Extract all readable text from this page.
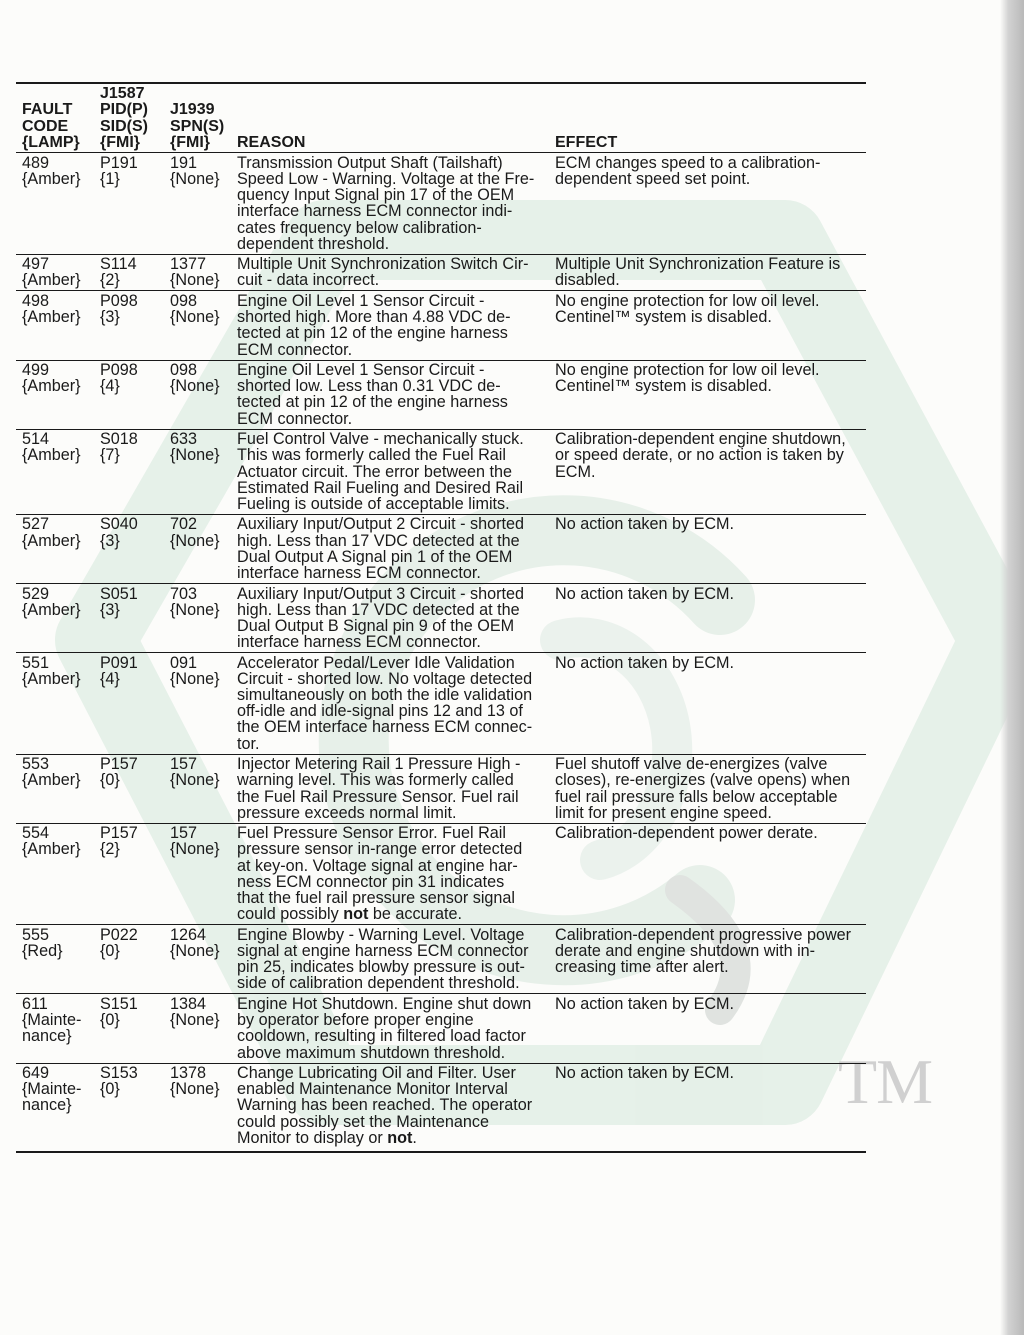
TM
FAULT
CODE
{LAMP}
J1587
PID(P)
SID(S)
{FMI}
J1939
SPN(S)
{FMI}	REASON	EFFECT
489
{Amber}
P191
{1}
191
{None}
Transmission Output Shaft (Tailshaft)
Speed Low - Warning. Voltage at the Fre-
quency Input Signal pin 17 of the OEM
interface harness ECM connector indi-
cates frequency below calibration-
dependent threshold.
ECM changes speed to a calibration-
dependent speed set point.
497
{Amber}
S114
{2}
1377
{None}
Multiple Unit Synchronization Switch Cir-
cuit - data incorrect.
Multiple Unit Synchronization Feature is
disabled.
498
{Amber}
P098
{3}
098
{None}
Engine Oil Level 1 Sensor Circuit -
shorted high. More than 4.88 VDC de-
tected at pin 12 of the engine harness
ECM connector.
No engine protection for low oil level.
Centinel™ system is disabled.
499
{Amber}
P098
{4}
098
{None}
Engine Oil Level 1 Sensor Circuit -
shorted low. Less than 0.31 VDC de-
tected at pin 12 of the engine harness
ECM connector.
No engine protection for low oil level.
Centinel™ system is disabled.
514
{Amber}
S018
{7}
633
{None}
Fuel Control Valve - mechanically stuck.
This was formerly called the Fuel Rail
Actuator circuit. The error between the
Estimated Rail Fueling and Desired Rail
Fueling is outside of acceptable limits.
Calibration-dependent engine shutdown,
or speed derate, or no action is taken by
ECM.
527
{Amber}
S040
{3}
702
{None}
Auxiliary Input/Output 2 Circuit - shorted
high. Less than 17 VDC detected at the
Dual Output A Signal pin 1 of the OEM
interface harness ECM connector.
No action taken by ECM.
529
{Amber}
S051
{3}
703
{None}
Auxiliary Input/Output 3 Circuit - shorted
high. Less than 17 VDC detected at the
Dual Output B Signal pin 9 of the OEM
interface harness ECM connector.
No action taken by ECM.
551
{Amber}
P091
{4}
091
{None}
Accelerator Pedal/Lever Idle Validation
Circuit - shorted low. No voltage detected
simultaneously on both the idle validation
off-idle and idle-signal pins 12 and 13 of
the OEM interface harness ECM connec-
tor.
No action taken by ECM.
553
{Amber}
P157
{0}
157
{None}
Injector Metering Rail 1 Pressure High -
warning level. This was formerly called
the Fuel Rail Pressure Sensor. Fuel rail
pressure exceeds normal limit.
Fuel shutoff valve de-energizes (valve
closes), re-energizes (valve opens) when
fuel rail pressure falls below acceptable
limit for present engine speed.
554
{Amber}
P157
{2}
157
{None}
Fuel Pressure Sensor Error. Fuel Rail
pressure sensor in-range error detected
at key-on. Voltage signal at engine har-
ness ECM connector pin 31 indicates
that the fuel rail pressure sensor signal
could possibly not be accurate.
Calibration-dependent power derate.
555
{Red}
P022
{0}
1264
{None}
Engine Blowby - Warning Level. Voltage
signal at engine harness ECM connector
pin 25, indicates blowby pressure is out-
side of calibration dependent threshold.
Calibration-dependent progressive power
derate and engine shutdown with in-
creasing time after alert.
611
{Mainte-
nance}
S151
{0}
1384
{None}
Engine Hot Shutdown. Engine shut down
by operator before proper engine
cooldown, resulting in filtered load factor
above maximum shutdown threshold.
No action taken by ECM.
649
{Mainte-
nance}
S153
{0}
1378
{None}
Change Lubricating Oil and Filter. User
enabled Maintenance Monitor Interval
Warning has been reached. The operator
could possibly set the Maintenance
Monitor to display or not.
No action taken by ECM.
